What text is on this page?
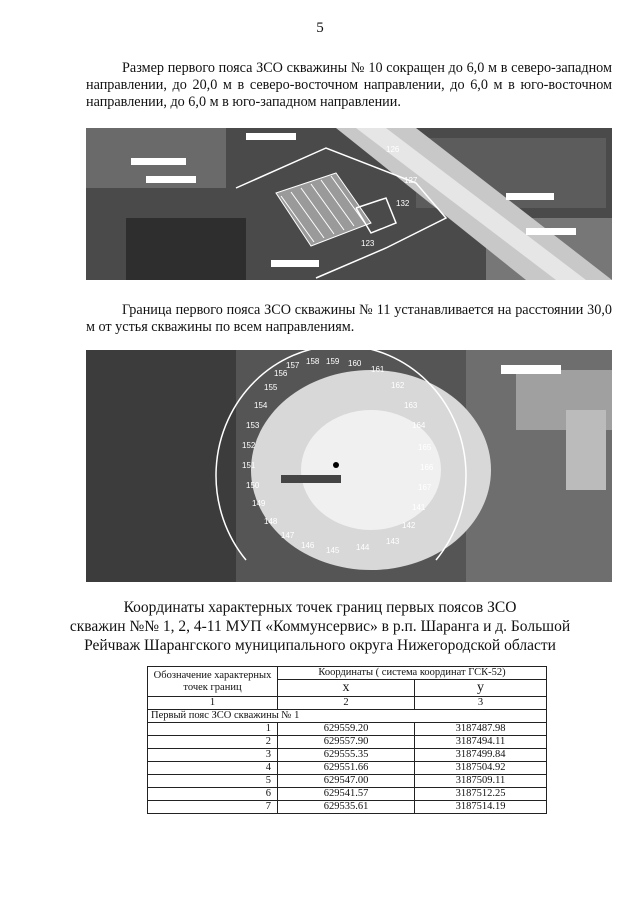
5
Размер первого пояса ЗСО скважины № 10 сокращен до 6,0 м в северо-западном направлении, до 20,0 м в северо-восточном направлении, до 6,0 м в юго-восточном направлении, до 6,0 м в юго-западном направлении.
126
127
132
123
Граница первого пояса ЗСО скважины № 11 устанавливается на расстоянии 30,0 м от устья скважины по всем направлениям.
157 158 159 160
161
162
163
164
165
166
167
141
142
143
144
145
146
147
148
149
150
151
152
153
154
155
156
Координаты характерных точек границ первых поясов ЗСО
скважин №№ 1, 2, 4-11 МУП «Коммунсервис» в р.п. Шаранга и д. Большой
Рейчваж Шарангского муниципального округа Нижегородской области
Обозначение характерных точек границ	Координаты ( система координат ГСК-52)	
	x	y
1	2	3
Первый пояс ЗСО скважины № 1		
1	629559.20	3187487.98
2	629557.90	3187494.11
3	629555.35	3187499.84
4	629551.66	3187504.92
5	629547.00	3187509.11
6	629541.57	3187512.25
7	629535.61	3187514.19
